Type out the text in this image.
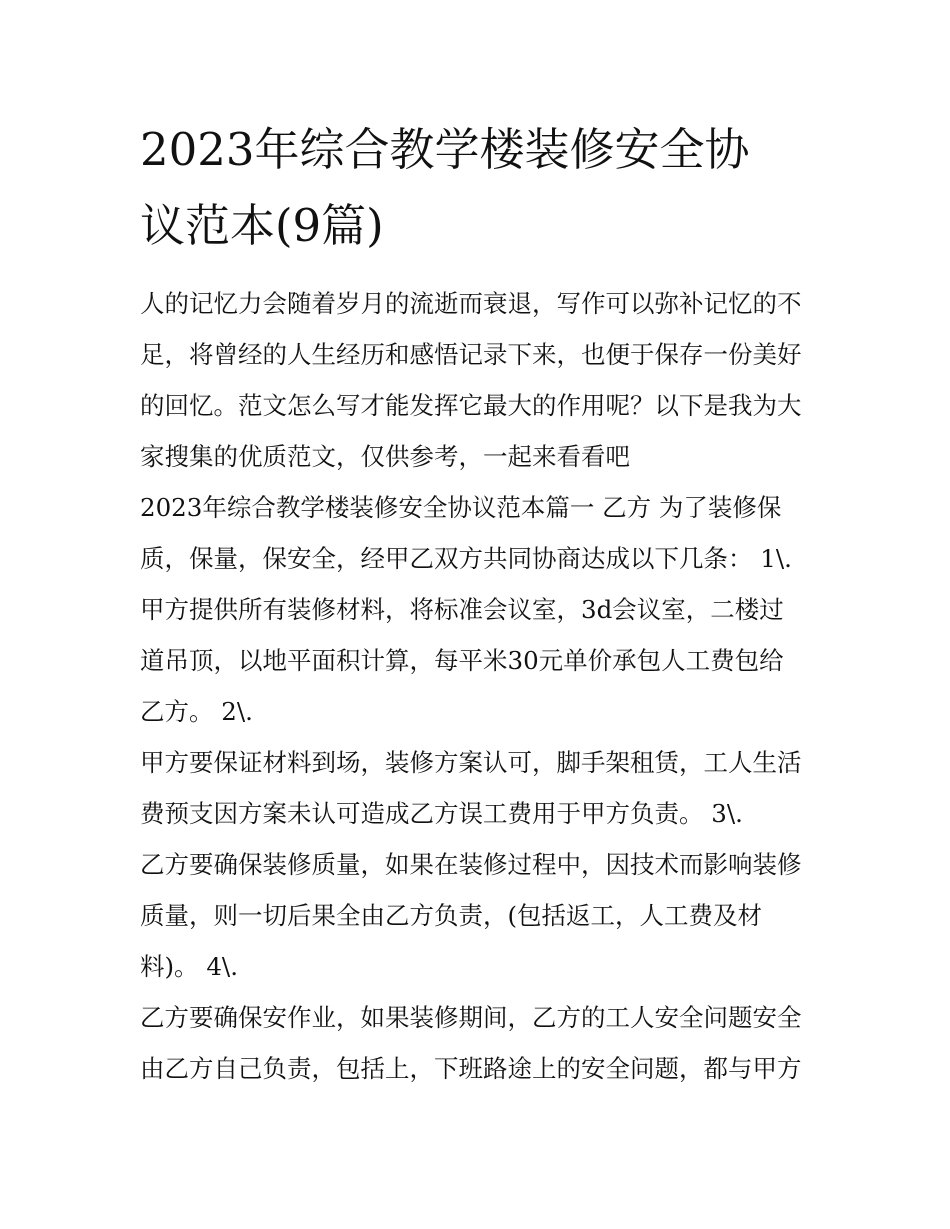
2023年综合教学楼装修安全协
议范本(9篇)

人的记忆力会随着岁月的流逝而衰退，写作可以弥补记忆的不
足，将曾经的人生经历和感悟记录下来，也便于保存一份美好
的回忆。范文怎么写才能发挥它最大的作用呢？以下是我为大
家搜集的优质范文，仅供参考，一起来看看吧

2023年综合教学楼装修安全协议范本篇一 乙方 为了装修保
质，保量，保安全，经甲乙双方共同协商达成以下几条： 1\.
甲方提供所有装修材料，将标准会议室，3d会议室，二楼过
道吊顶，以地平面积计算，每平米30元单价承包人工费包给
乙方。 2\.

甲方要保证材料到场，装修方案认可，脚手架租赁，工人生活
费预支因方案未认可造成乙方误工费用于甲方负责。 3\.

乙方要确保装修质量，如果在装修过程中，因技术而影响装修
质量，则一切后果全由乙方负责，(包括返工，人工费及材
料)。 4\.

乙方要确保安作业，如果装修期间，乙方的工人安全问题安全
由乙方自己负责，包括上，下班路途上的安全问题，都与甲方
